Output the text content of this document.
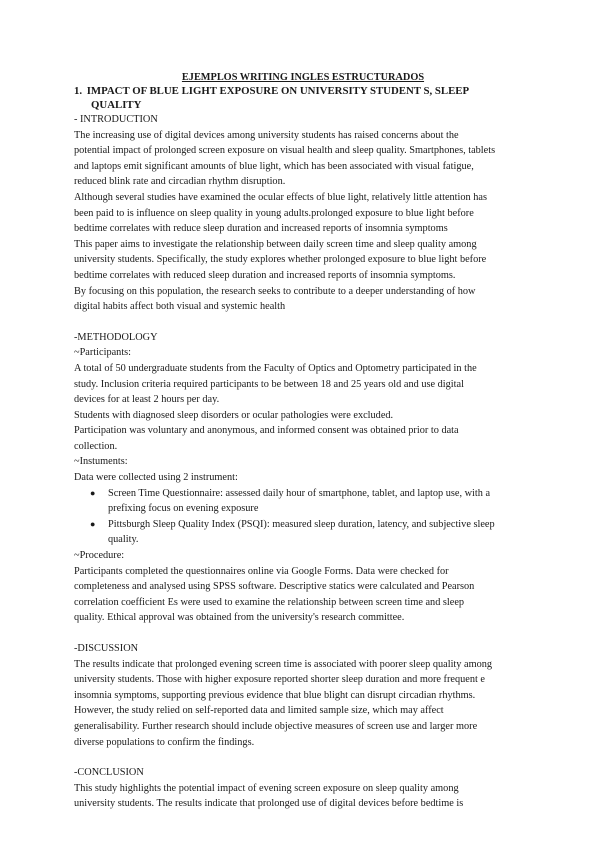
EJEMPLOS WRITING INGLES ESTRUCTURADOS
1. IMPACT OF BLUE LIGHT EXPOSURE ON UNIVERSITY STUDENT S, SLEEP
QUALITY
- INTRODUCTION
The increasing use of digital devices among university students has raised concerns about the
potential impact of prolonged screen exposure on visual health and sleep quality. Smartphones, tablets
and laptops emit significant amounts of blue light, which has been associated with visual fatigue,
reduced blink rate and circadian rhythm disruption.
Although several studies have examined the ocular effects of blue light, relatively little attention has
been paid to is influence on sleep quality in young adults.prolonged exposure to blue light before
bedtime correlates with reduce sleep duration and increased reports of insomnia symptoms
This paper aims to investigate the relationship between daily screen time and sleep quality among
university students. Specifically, the study explores whether prolonged exposure to blue light before
bedtime correlates with reduced sleep duration and increased reports of insomnia symptoms.
By focusing on this population, the research seeks to contribute to a deeper understanding of how
digital habits affect both visual and systemic health
-METHODOLOGY
~Participants:
A total of 50 undergraduate students from the Faculty of Optics and Optometry participated in the
study. Inclusion criteria required participants to be between 18 and 25 years old and use digital
devices for at least 2 hours per day.
Students with diagnosed sleep disorders or ocular pathologies were excluded.
Participation was voluntary and anonymous, and informed consent was obtained prior to data
collection.
~Instuments:
Data were collected using 2 instrument:
● Screen Time Questionnaire: assessed daily hour of smartphone, tablet, and laptop use, with a
prefixing focus on evening exposure
● Pittsburgh Sleep Quality Index (PSQI): measured sleep duration, latency, and subjective sleep
quality.
~Procedure:
Participants completed the questionnaires online via Google Forms. Data were checked for
completeness and analysed using SPSS software. Descriptive statics were calculated and Pearson
correlation coefficient Es were used to examine the relationship between screen time and sleep
quality. Ethical approval was obtained from the university's research committee.
-DISCUSSION
The results indicate that prolonged evening screen time is associated with poorer sleep quality among
university students. Those with higher exposure reported shorter sleep duration and more frequent e
insomnia symptoms, supporting previous evidence that blue blight can disrupt circadian rhythms.
However, the study relied on self-reported data and limited sample size, which may affect
generalisability. Further research should include objective measures of screen use and larger more
diverse populations to confirm the findings.
-CONCLUSION
This study highlights the potential impact of evening screen exposure on sleep quality among
university students. The results indicate that prolonged use of digital devices before bedtime is
